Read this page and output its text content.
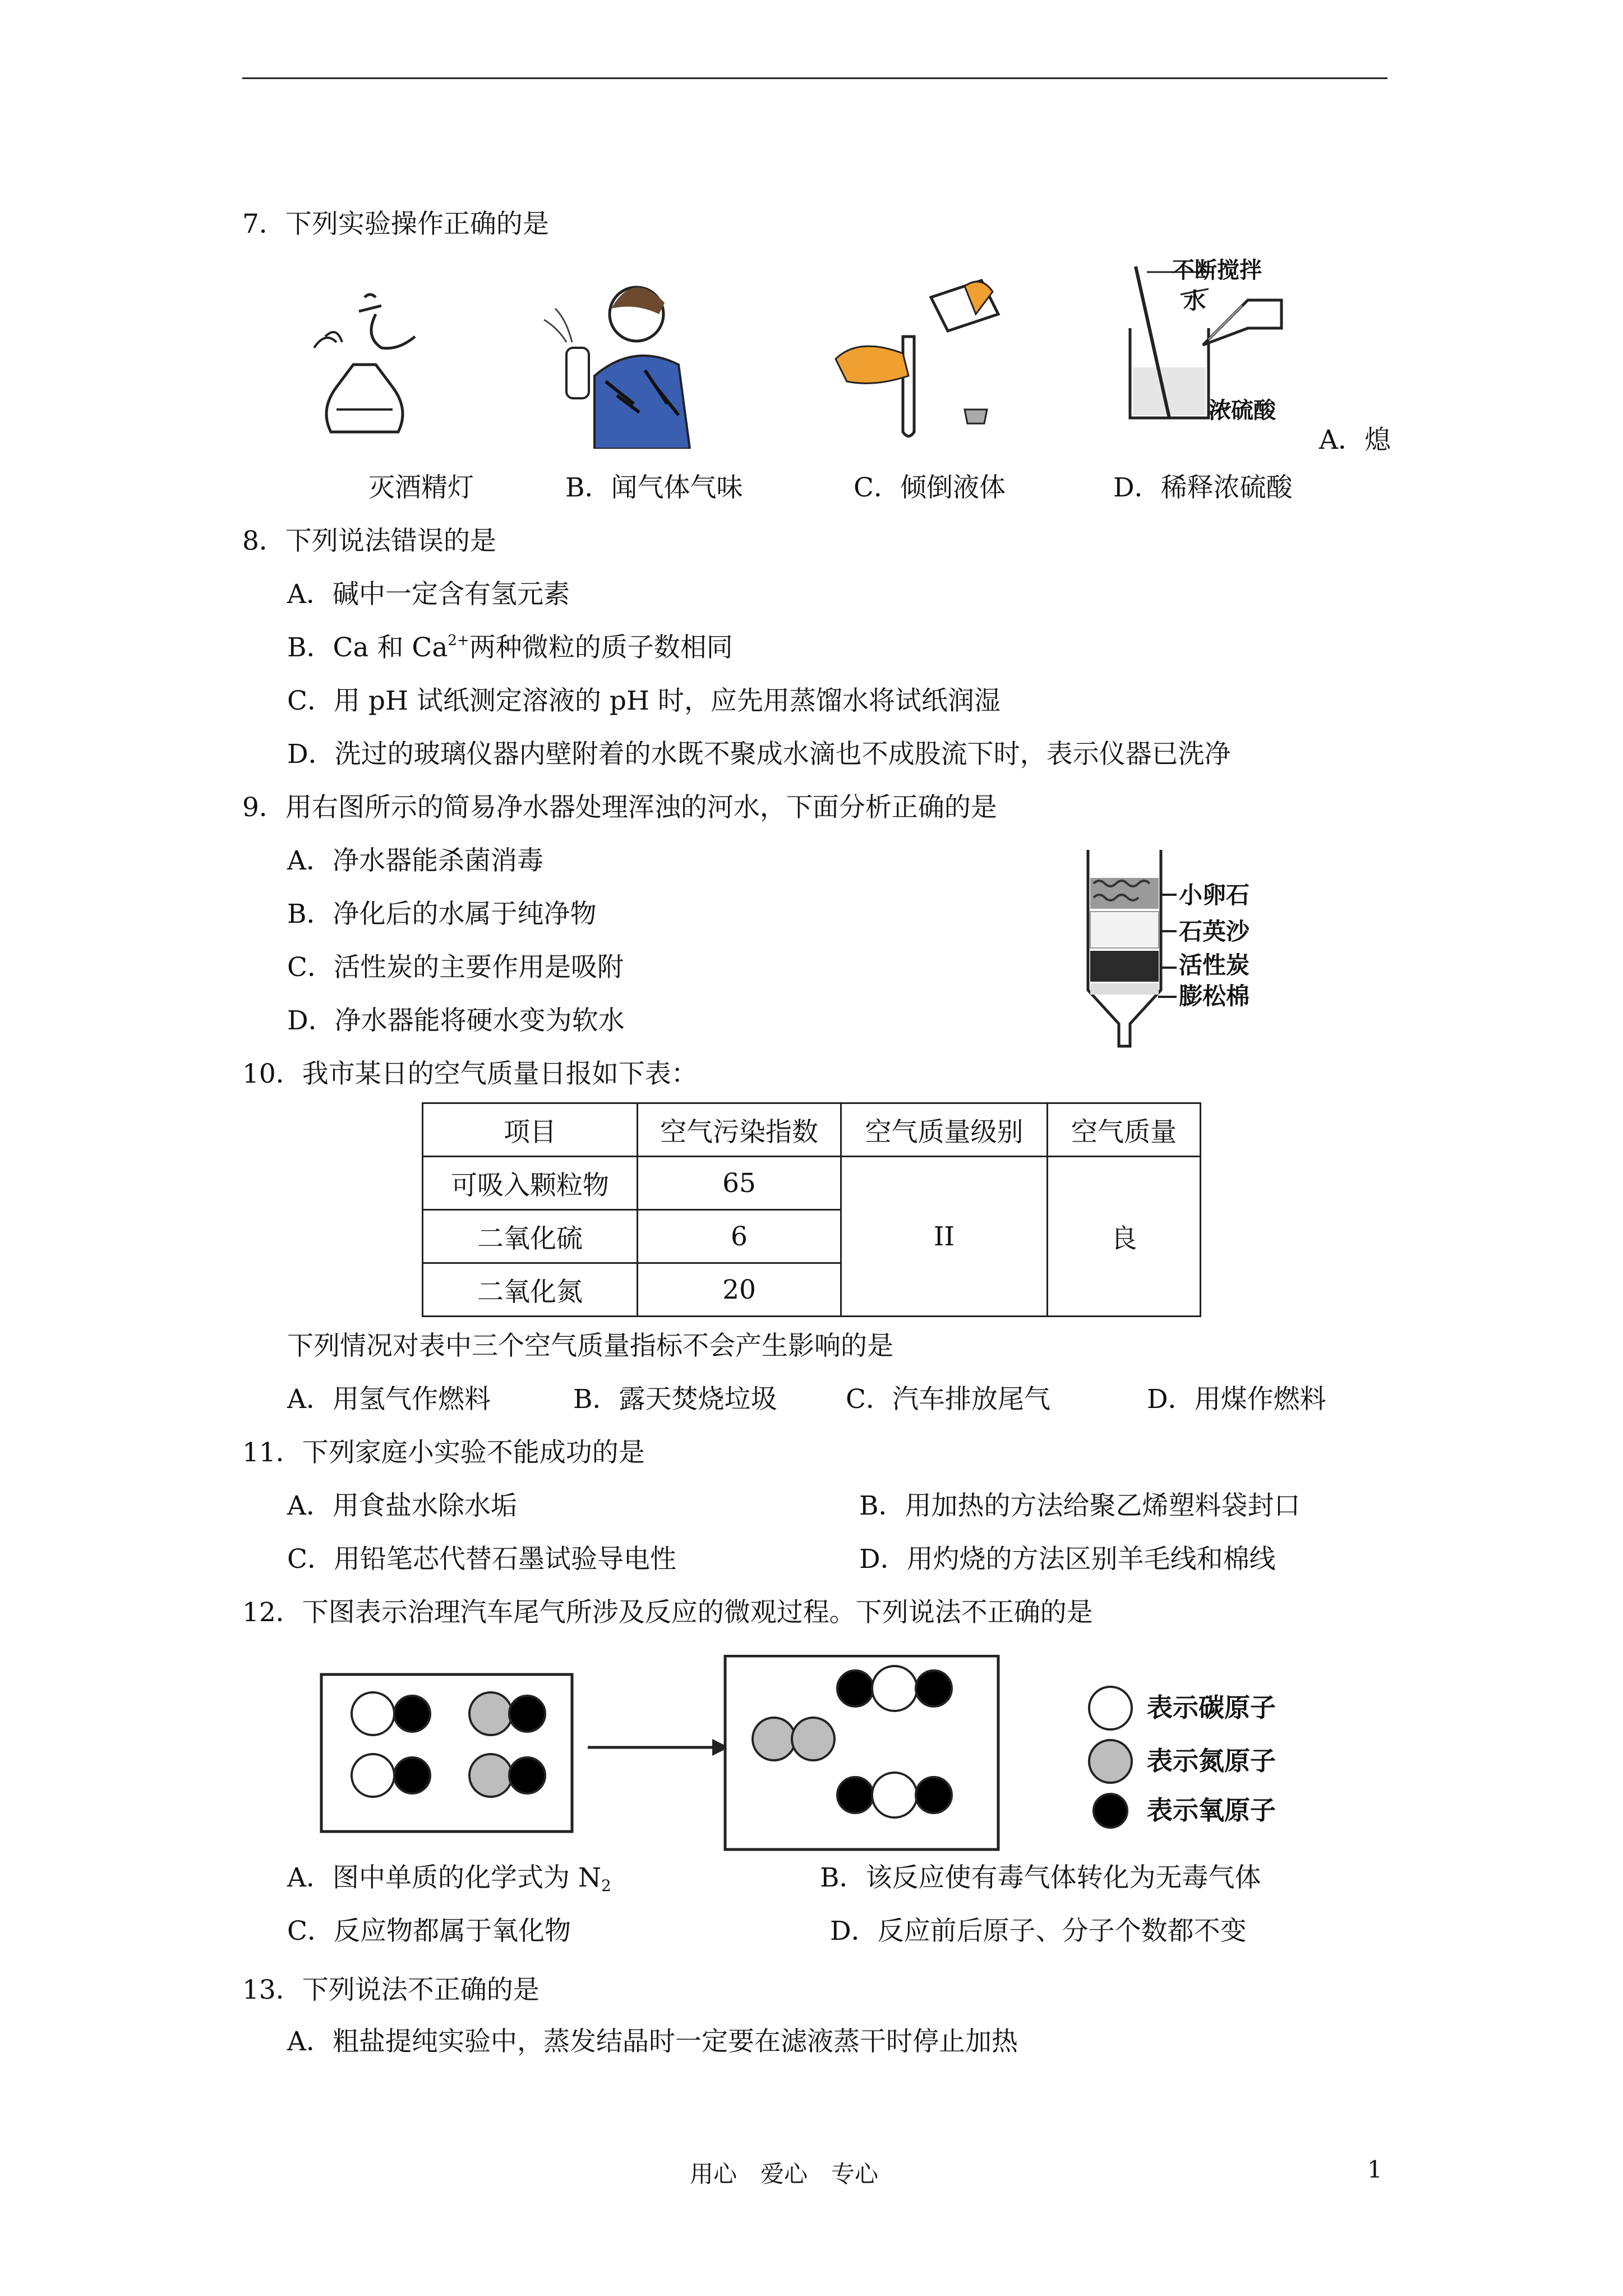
7．下列实验操作正确的是
不断搅拌
水
浓硫酸
A．熄
灭酒精灯	B．闻气体气味	C．倾倒液体	D．稀释浓硫酸
8．下列说法错误的是
A．碱中一定含有氢元素
B．Ca 和 $Ca^{2+}$两种微粒的质子数相同
C．用 pH 试纸测定溶液的 pH 时，应先用蒸馏水将试纸润湿
D．洗过的玻璃仪器内壁附着的水既不聚成水滴也不成股流下时，表示仪器已洗净
9．用右图所示的简易净水器处理浑浊的河水，下面分析正确的是
A．净水器能杀菌消毒
B．净化后的水属于纯净物
C．活性炭的主要作用是吸附
D．净水器能将硬水变为软水
小卵石
石英沙
活性炭
膨松棉
10．我市某日的空气质量日报如下表：
项目	空气污染指数	空气质量级别	空气质量
可吸入颗粒物	65	II	良
二氧化硫	6		
二氧化氮	20		
下列情况对表中三个空气质量指标不会产生影响的是
A．用氢气作燃料	B．露天焚烧垃圾	C．汽车排放尾气	D．用煤作燃料
11．下列家庭小实验不能成功的是
A．用食盐水除水垢	B．用加热的方法给聚乙烯塑料袋封口
C．用铅笔芯代替石墨试验导电性	D．用灼烧的方法区别羊毛线和棉线
12．下图表示治理汽车尾气所涉及反应的微观过程。下列说法不正确的是
表示碳原子
表示氮原子
表示氧原子
A．图中单质的化学式为 $N_2$	B．该反应使有毒气体转化为无毒气体
C．反应物都属于氧化物	D．反应前后原子、分子个数都不变
13．下列说法不正确的是
A．粗盐提纯实验中，蒸发结晶时一定要在滤液蒸干时停止加热
用心　爱心　专心	1
